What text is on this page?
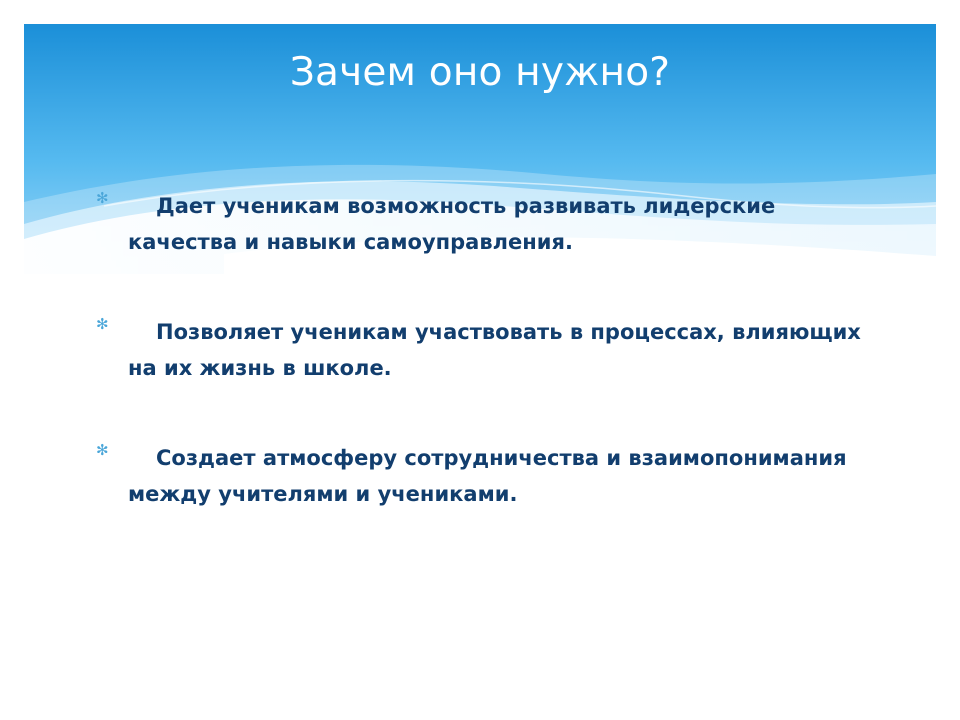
Зачем оно нужно?
✻	Дает ученикам возможность развивать лидерские качества и навыки самоуправления.
✻	Позволяет ученикам участвовать в процессах, влияющих на их жизнь в школе.
✻	Создает атмосферу сотрудничества и взаимопонимания между учителями и учениками.
